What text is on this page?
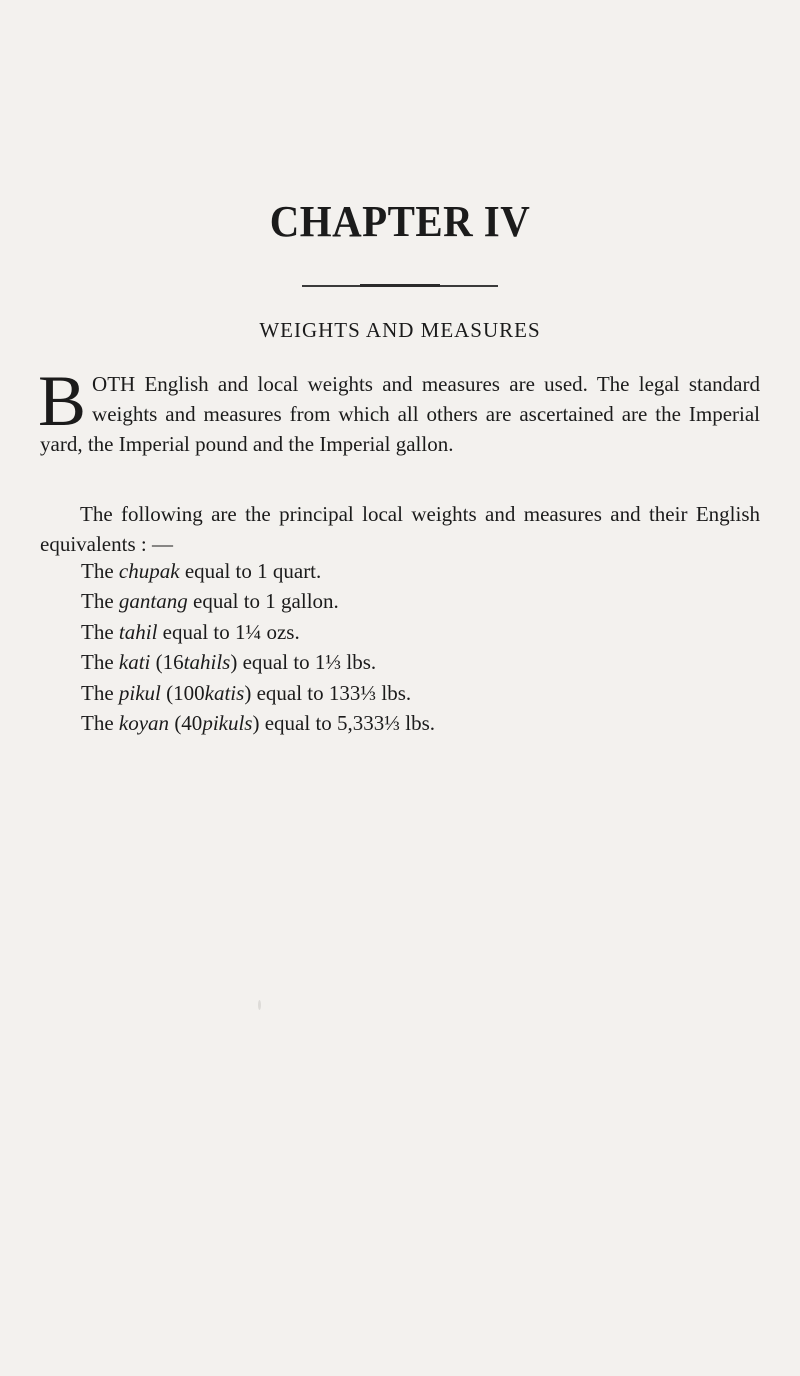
CHAPTER IV
WEIGHTS AND MEASURES
B OTH English and local weights and measures are used. The legal standard weights and measures from which all others are ascertained are the Imperial yard, the Imperial pound and the Imperial gallon.
The following are the principal local weights and measures and their English equivalents : —
The chupak equal to 1 quart.
The gantang equal to 1 gallon.
The tahil equal to 1¼ ozs.
The kati (16tahils) equal to 1⅓ lbs.
The pikul (100katis) equal to 133⅓ lbs.
The koyan (40pikuls) equal to 5,333⅓ lbs.
